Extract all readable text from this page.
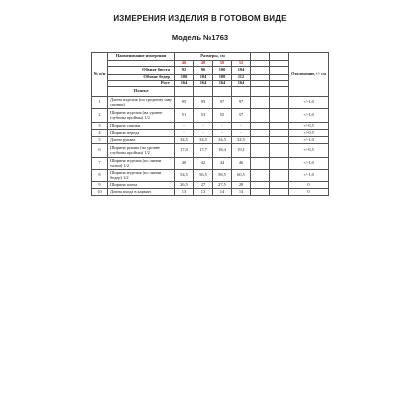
ИЗМЕРЕНИЯ ИЗДЕЛИЯ В ГОТОВОМ ВИДЕ
Модель №1763
№ п/п	Наименование измерения	Размеры, см						Отклонение,+/- см
		46	48	50	52			
	Обхват бюста	92	96	100	104			
	Обхват бедер	100	104	108	112			
	Рост	164	164	164	164			
	Платье							
1	Длина изделия (по среднему шву спинки)	95	95	97	97			+/-1,0
2	Ширина изделия (на уровне глубины проймы) 1/2	51	53	55	57			+/-1,0
3	Ширина спинки	-	-	-	-			+/-0,5
4	Ширина переда	-	-	-	-			+/-0,5
5	Длина рукава	34,5	34,5	34,5	34,5			+/-1,0
6	Ширина рукава (на уровне глубины проймы) 1/2	17,0	17,7	18,4	19,1			+/-0,5
7	Ширина изделия (по линии талии) 1/2	40	42	44	46			+/-1,0
8	Ширина изделия (по линии бедер) 1/2	54,5	56,5	58,5	60,5			+/-1,0
9	Ширина плеча	26,5	27	27,5	28			0
10	Длина входа в карман	13	13	14	14			0
